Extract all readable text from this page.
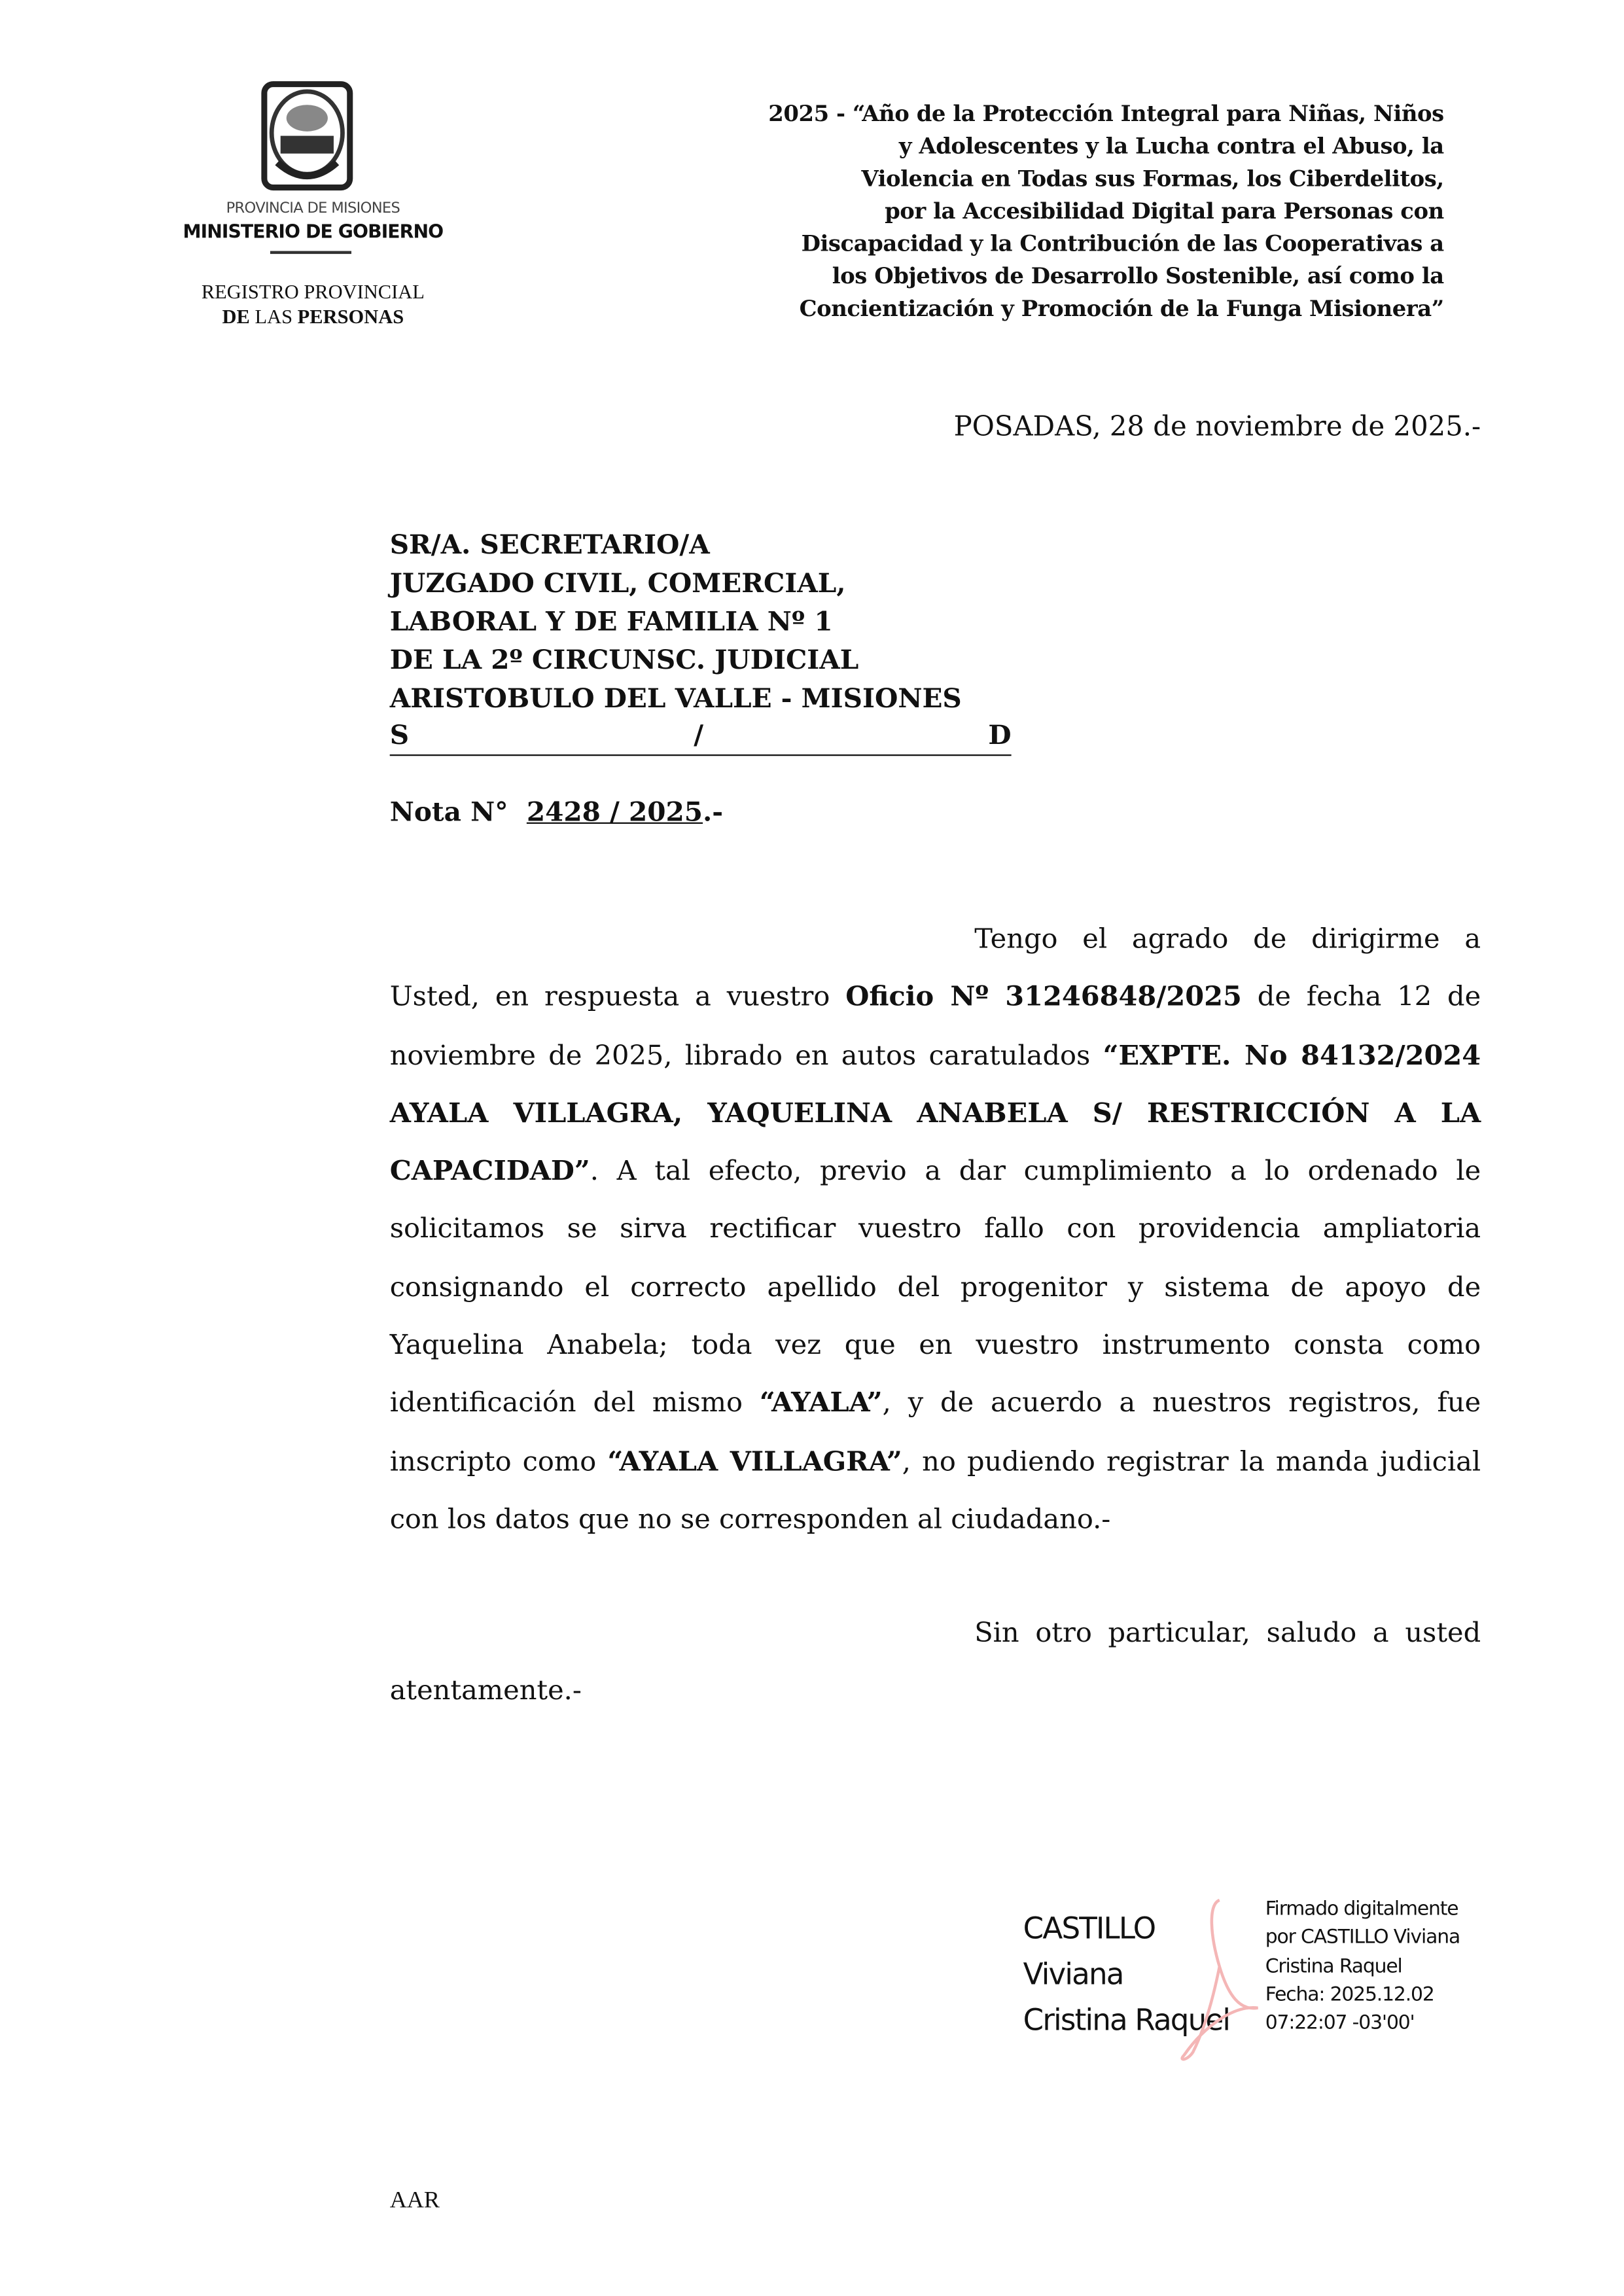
PROVINCIA DE MISIONES
MINISTERIO DE GOBIERNO
REGISTRO PROVINCIAL
DE LAS PERSONAS
2025 - “Año de la Protección Integral para Niñas, Niños
y Adolescentes y la Lucha contra el Abuso, la
Violencia en Todas sus Formas, los Ciberdelitos,
por la Accesibilidad Digital para Personas con
Discapacidad y la Contribución de las Cooperativas a
los Objetivos de Desarrollo Sostenible, así como la
Concientización y Promoción de la Funga Misionera”
POSADAS, 28 de noviembre de 2025.-
SR/A. SECRETARIO/A
JUZGADO CIVIL, COMERCIAL,
LABORAL Y DE FAMILIA Nº 1
DE LA 2º CIRCUNSC. JUDICIAL
ARISTOBULO DEL VALLE - MISIONES
S	/	D
Nota N° 2428 / 2025.-
Tengo el agrado de dirigirme a Usted, en respuesta a vuestro Oficio Nº 31246848/2025 de fecha 12 de noviembre de 2025, librado en autos caratulados “EXPTE. No 84132/2024 AYALA VILLAGRA, YAQUELINA ANABELA S/ RESTRICCIÓN A LA CAPACIDAD”. A tal efecto, previo a dar cumplimiento a lo ordenado le solicitamos se sirva rectificar vuestro fallo con providencia ampliatoria consignando el correcto apellido del progenitor y sistema de apoyo de Yaquelina Anabela; toda vez que en vuestro instrumento consta como identificación del mismo “AYALA”, y de acuerdo a nuestros registros, fue inscripto como “AYALA VILLAGRA”, no pudiendo registrar la manda judicial con los datos que no se corresponden al ciudadano.-
Sin otro particular, saludo a usted atentamente.-
CASTILLO
Viviana
Cristina Raquel
Firmado digitalmente
por CASTILLO Viviana
Cristina Raquel
Fecha: 2025.12.02
07:22:07 -03'00'
AAR
